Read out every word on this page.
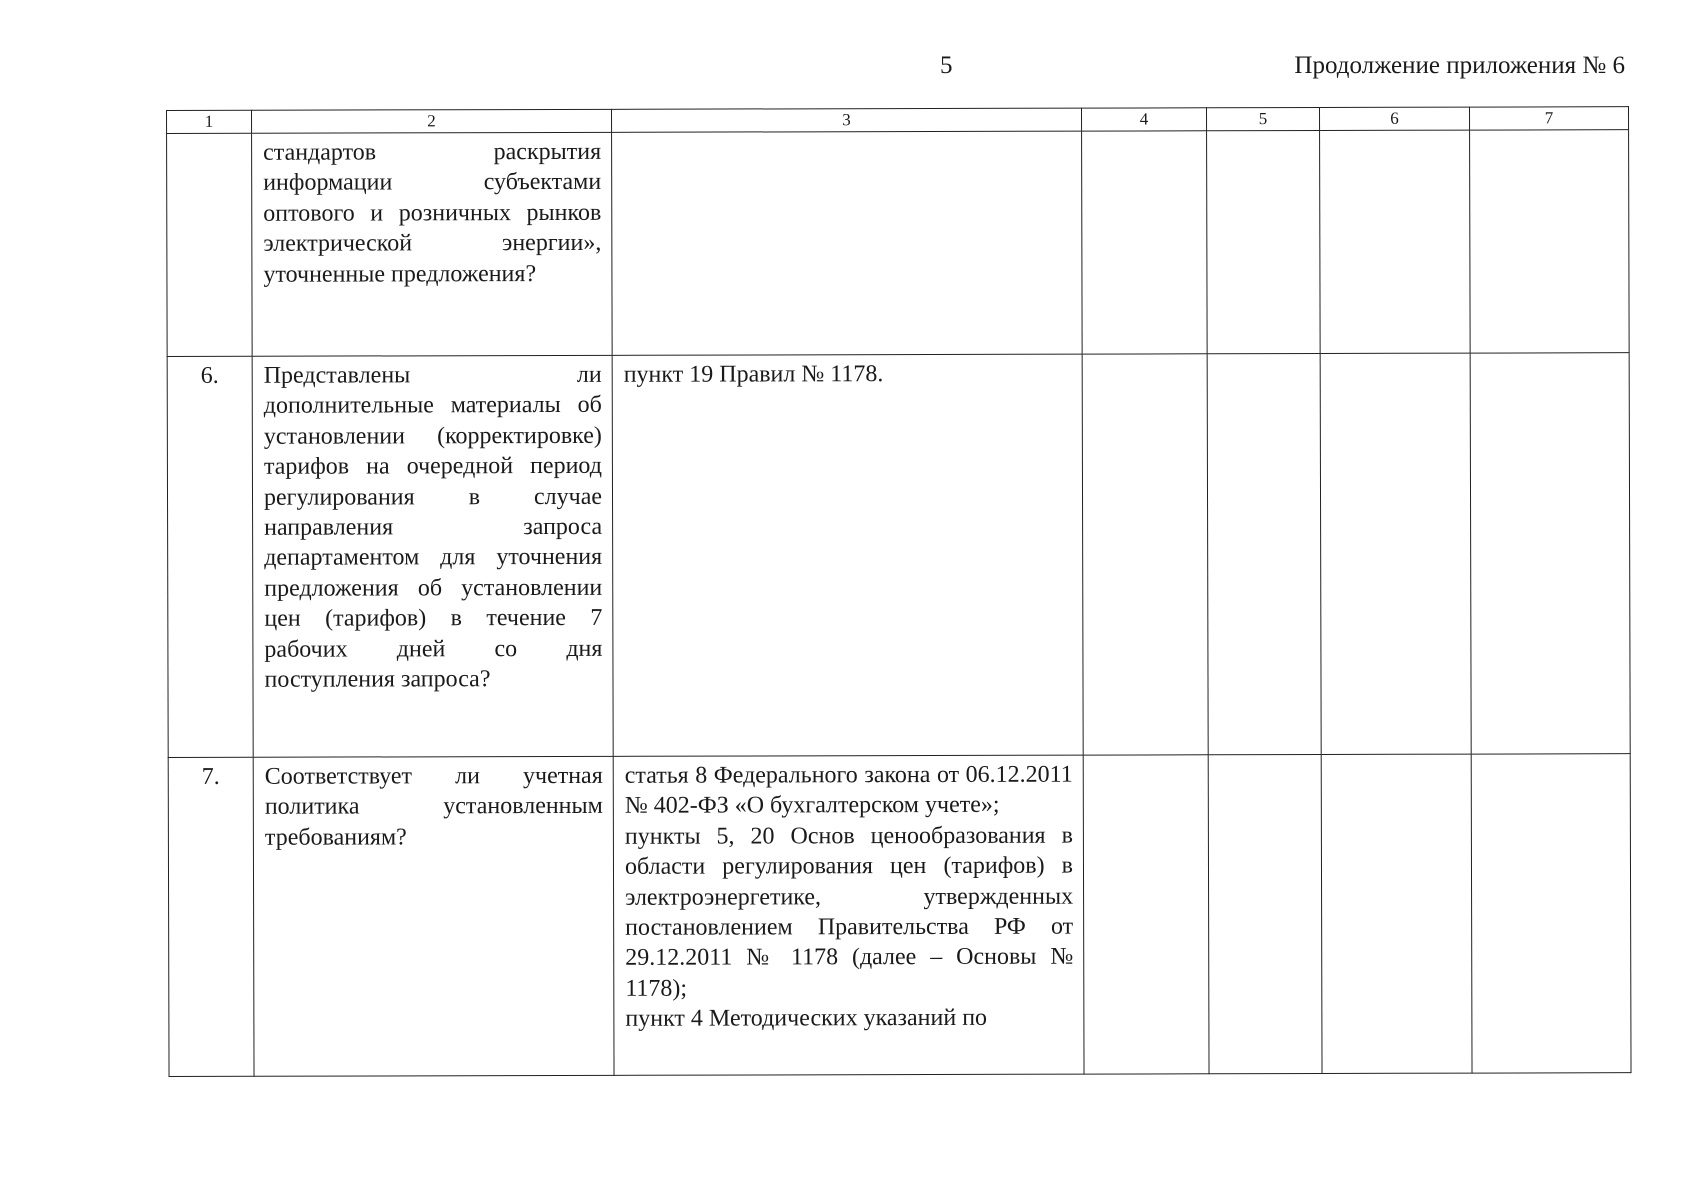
5	Продолжение приложения № 6
1	2	3	4	5	6	7
	стандартов раскрытия информации субъектами оптового и розничных рынков электрической энергии», уточненные предложения?					
6.	Представлены ли дополнительные материалы об установлении (корректировке) тарифов на очередной период регулирования в случае направления запроса департаментом для уточнения предложения об установлении цен (тарифов) в течение 7 рабочих дней со дня поступления запроса?	пункт 19 Правил № 1178.				

7.	Соответствует ли учетная политика установленным требованиям?	статья 8 Федерального закона от 06.12.2011 № 402-ФЗ «О бухгалтерском учете»;
пункты 5, 20 Основ ценообразования в области регулирования цен (тарифов) в электроэнергетике, утвержденных постановлением Правительства РФ от 29.12.2011 № 1178 (далее – Основы № 1178);
пункт 4 Методических указаний по				
